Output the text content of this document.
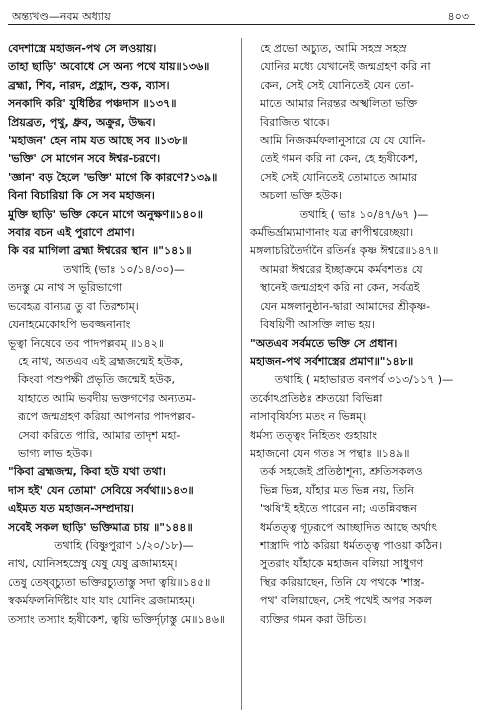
অন্ত্যখণ্ড—নবম অধ্যায়	৪০৩
বেদশাস্ত্রে মহাজন-পথ সে লওয়ায়।
তাহা ছাড়ি' অবোধে সে অন্য পথে যায়॥১৩৬॥
ব্রহ্মা, শিব, নারদ, প্রহ্লাদ, শুক, ব্যাস।
সনকাদি করি' যুধিষ্ঠির পঞ্চদাস ॥১৩৭॥
প্রিয়ব্রত, পৃথু, ধ্রুব, অক্রুর, উদ্ধব।
'মহাজন' হেন নাম যত আছে সব ॥১৩৮॥
'ভক্তি' সে মাগেন সবে ঈশ্বর-চরণে।
'জ্ঞান' বড় হৈলে 'ভক্তি' মাগে কি কারণে?১৩৯॥
বিনা বিচারিয়া কি সে সব মহাজন।
মুক্তি ছাড়ি' ভক্তি কেনে মাগে অনুক্ষণ॥১৪০॥
সবার বচন এই পুরাণে প্রমাণ।
কি বর মাগিলা ব্রহ্মা ঈশ্বরের স্থান ॥"১৪১॥
তথাহি (ভাঃ ১০/১৪/৩০)—
তদস্তু মে নাথ স ভূরিভাগো
ভবেহত্র বান্যত্র তু বা তিরশ্চাম্।
যেনাহমেকোঽপি ভবজ্জনানাং
ভূত্বা নিষেবে তব পাদপল্লবম্ ॥১৪২॥
হে নাথ, অতএব এই ব্রহ্মজন্মেই হউক,
কিংবা পশুপক্ষী প্রভৃতি জন্মেই হউক,
যাহাতে আমি ভবদীয় ভক্তগণের অন্যতম-
রূপে জন্মগ্রহণ করিয়া আপনার পাদপল্লব-
সেবা করিতে পারি, আমার তাদৃশ মহা-
ভাগ্য লাভ হউক।
"কিবা ব্রহ্মজন্ম, কিবা হউ যথা তথা।
দাস হই' যেন তোমা' সেবিয়ে সর্বথা॥১৪৩॥
এইমত যত মহাজন-সম্প্রদায়।
সবেই সকল ছাড়ি' ভক্তিমাত্র চায় ॥"১৪৪॥
তথাহি (বিষ্ণুপুরাণ ১/২০/১৮)—
নাথ, যোনিসহস্রেষু যেষু যেষু ব্রজাম্যহম্।
তেষু তেষ্ব্চ্যুতা ভক্তিরচ্যুতাস্তু সদা ত্বয়ি॥১৪৫॥
স্বকর্মফলনির্দিষ্টাং যাং যাং যোনিং ব্রজাম্যহম্।
তস্যাং তস্যাং হৃষীকেশ, ত্বয়ি ভক্তির্দৃঢ়াস্তু মে॥১৪৬॥
হে প্রভো অচ্যুত, আমি সহস্র সহস্র
যোনির মধ্যে যেখানেই জন্মগ্রহণ করি না
কেন, সেই সেই যোনিতেই যেন তো-
মাতে আমার নিরন্তর অস্খলিতা ভক্তি
বিরাজিত থাকে।
আমি নিজকর্মফলানুসারে যে যে যোনি-
তেই গমন করি না কেন, হে হৃষীকেশ,
সেই সেই যোনিতেই তোমাতে আমার
অচলা ভক্তি হউক।
তথাহি ( ভাঃ ১০/৪৭/৬৭ )—
কর্মভির্ভ্রাম্যমাণানাং যত্র ক্বাপীশ্বরেচ্ছয়া।
মঙ্গলাচরিতৈর্দানৈ রতির্নঃ কৃষ্ণ ঈশ্বরে॥১৪৭॥
আমরা ঈশ্বরের ইচ্ছাক্রমে কর্মবশতঃ যে
স্থানেই জন্মগ্রহণ করি না কেন, সর্বত্রই
যেন মঙ্গলানুষ্ঠান-দ্বারা আমাদের শ্রীকৃষ্ণ-
বিষয়িণী আসক্তি লাভ হয়।
"অতএব সর্বমতে ভক্তি সে প্রধান।
মহাজন-পথ সর্বশাস্ত্রের প্রমাণ॥"১৪৮॥
তথাহি ( মহাভারত বনপর্ব ৩১৩/১১৭ )—
তর্কোঽপ্রতিষ্ঠঃ শ্রুতয়ো বিভিন্না
নাসাবৃষির্যস্য মতং ন ভিন্নম্।
ধর্মস্য তত্ত্বং নিহিতং গুহায়াং
মহাজনো যেন গতঃ স পন্থাঃ ॥১৪৯॥
তর্ক সহজেই প্রতিষ্ঠাশূন্য, শ্রুতিসকলও
ভিন্ন ভিন্ন, যাঁহার মত ভিন্ন নয়, তিনি
'ঋষি'ই হইতে পারেন না; এতন্নিবন্ধন
ধর্মতত্ত্ব গূঢ়রূপে আচ্ছাদিত আছে অর্থাৎ
শাস্ত্রাদি পাঠ করিয়া ধর্মতত্ত্ব পাওয়া কঠিন।
সুতরাং যাঁহাকে মহাজন বলিয়া সাধুগণ
স্থির করিয়াছেন, তিনি যে পথকে 'শাস্ত্র-
পথ' বলিয়াছেন, সেই পথেই অপর সকল
ব্যক্তির গমন করা উচিত।
